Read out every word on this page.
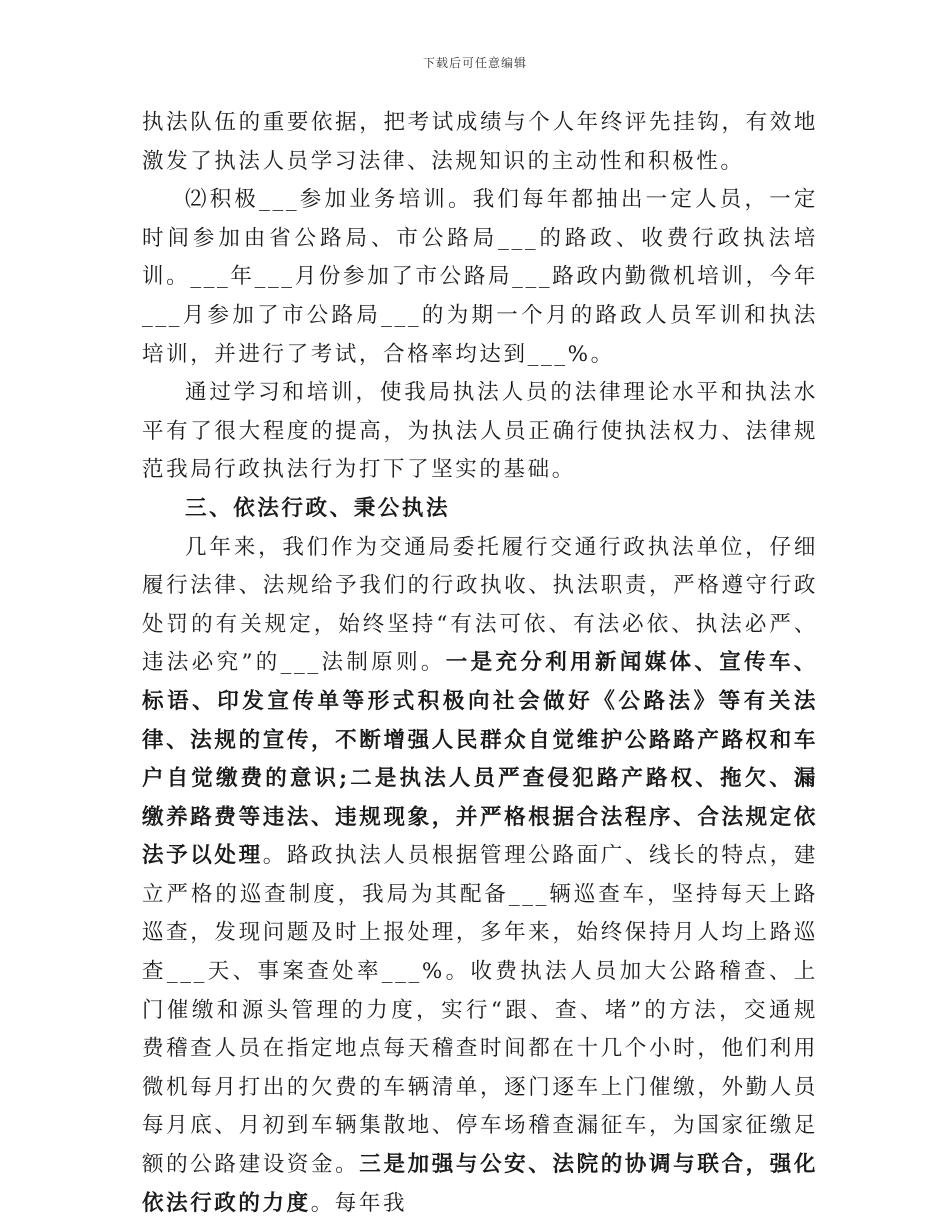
下载后可任意编辑

执法队伍的重要依据，把考试成绩与个人年终评先挂钩，有效地激发了执法人员学习法律、法规知识的主动性和积极性。

⑵积极___参加业务培训。我们每年都抽出一定人员，一定时间参加由省公路局、市公路局___的路政、收费行政执法培训。___年___月份参加了市公路局___路政内勤微机培训，今年___月参加了市公路局___的为期一个月的路政人员军训和执法培训，并进行了考试，合格率均达到___%。

通过学习和培训，使我局执法人员的法律理论水平和执法水平有了很大程度的提高，为执法人员正确行使执法权力、法律规范我局行政执法行为打下了坚实的基础。

三、依法行政、秉公执法

几年来，我们作为交通局委托履行交通行政执法单位，仔细履行法律、法规给予我们的行政执收、执法职责，严格遵守行政处罚的有关规定，始终坚持“有法可依、有法必依、执法必严、违法必究”的___法制原则。一是充分利用新闻媒体、宣传车、标语、印发宣传单等形式积极向社会做好《公路法》等有关法律、法规的宣传，不断增强人民群众自觉维护公路路产路权和车户自觉缴费的意识;二是执法人员严查侵犯路产路权、拖欠、漏缴养路费等违法、违规现象，并严格根据合法程序、合法规定依法予以处理。路政执法人员根据管理公路面广、线长的特点，建立严格的巡查制度，我局为其配备___辆巡查车，坚持每天上路巡查，发现问题及时上报处理，多年来，始终保持月人均上路巡查___天、事案查处率___%。收费执法人员加大公路稽查、上门催缴和源头管理的力度，实行“跟、查、堵”的方法，交通规费稽查人员在指定地点每天稽查时间都在十几个小时，他们利用微机每月打出的欠费的车辆清单，逐门逐车上门催缴，外勤人员每月底、月初到车辆集散地、停车场稽查漏征车，为国家征缴足额的公路建设资金。三是加强与公安、法院的协调与联合，强化依法行政的力度。每年我
